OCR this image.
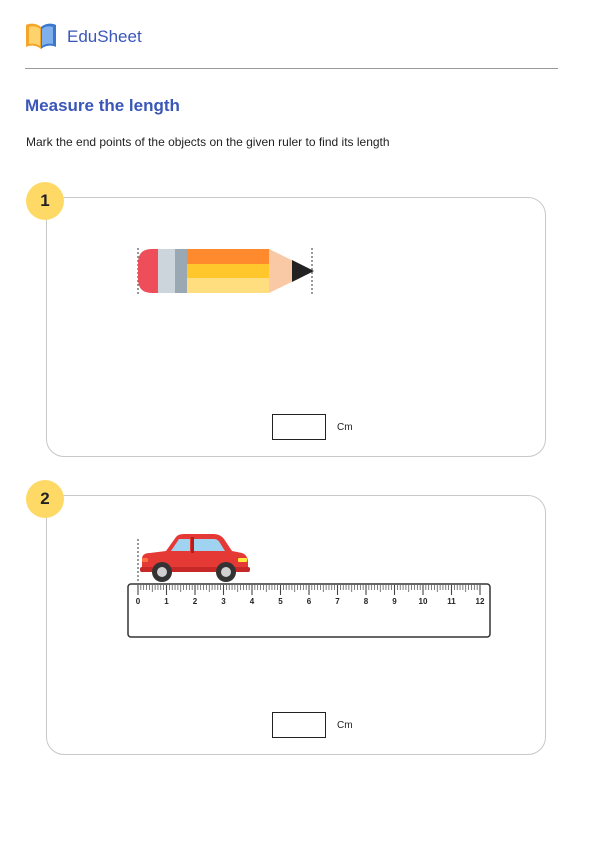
EduSheet
Measure the length
Mark the end points of the objects on the given ruler to find its length
1
Cm
2
0	1	2	3	4	5	6	7	8	9	10 11 12
Cm
